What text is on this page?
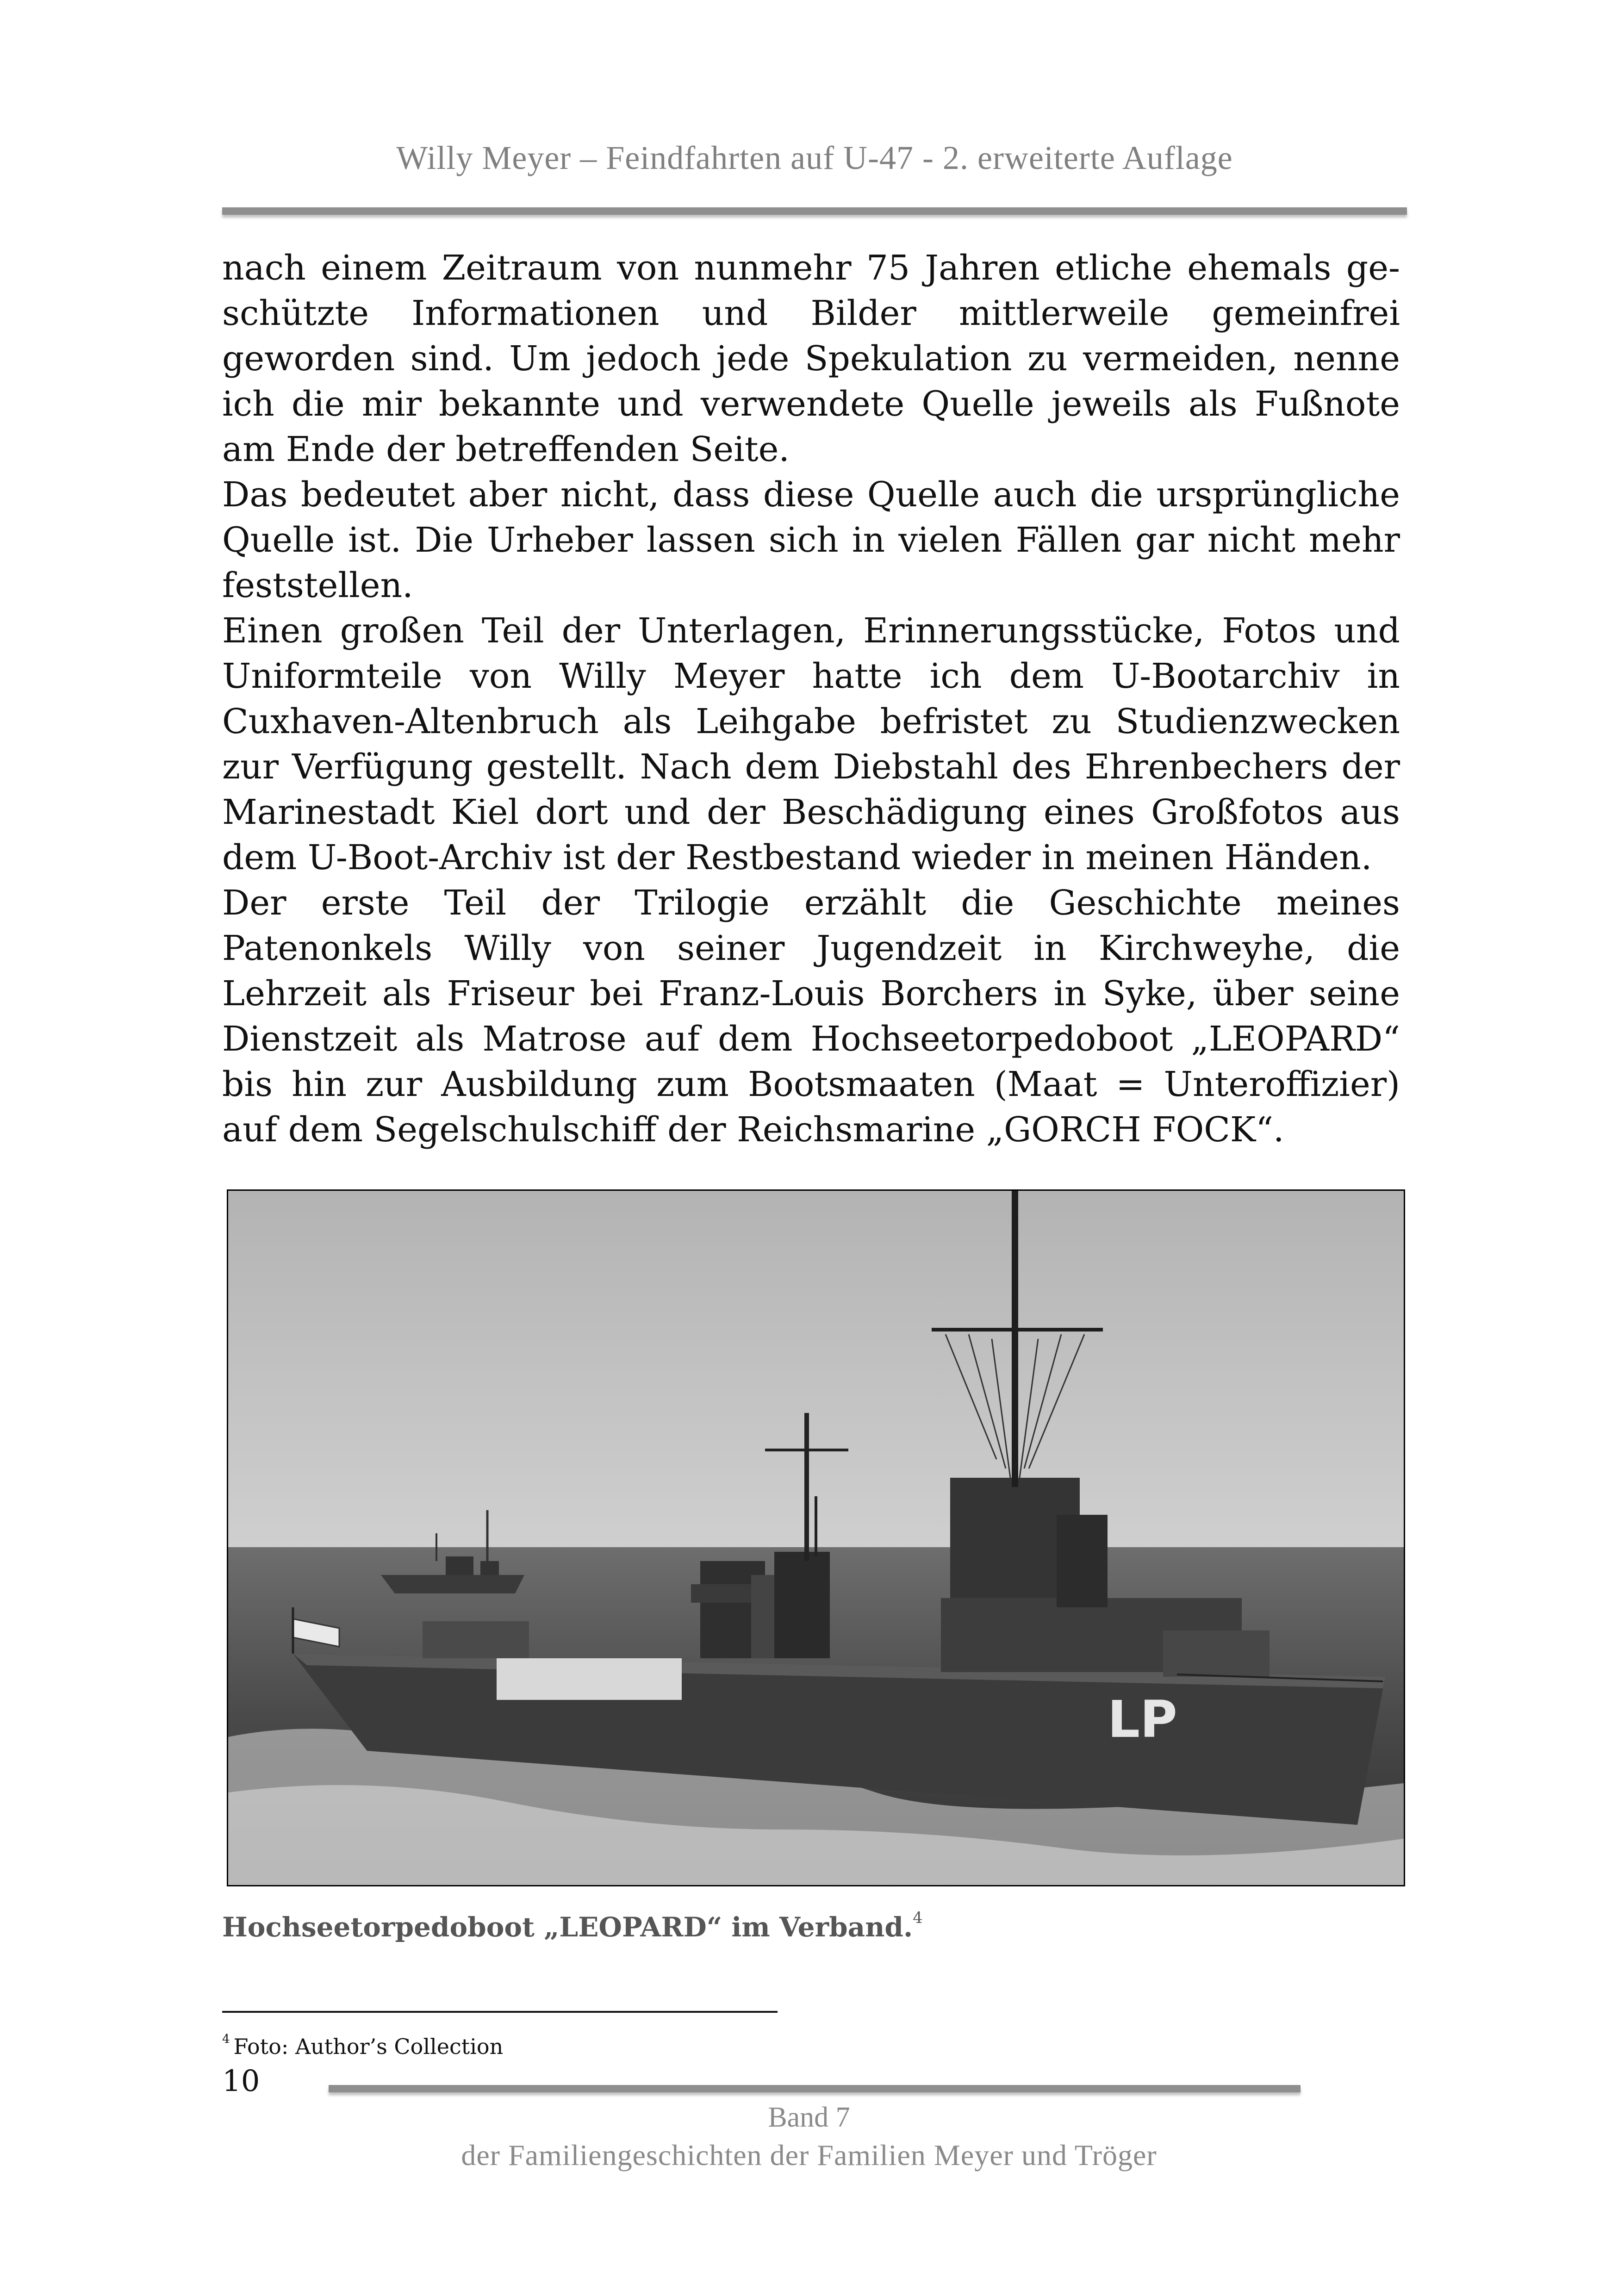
Willy Meyer – Feindfahrten auf U-47 - 2. erweiterte Auflage

nach einem Zeitraum von nunmehr 75 Jahren etliche ehemals geschützte Informationen und Bilder mittlerweile gemeinfrei geworden sind. Um jedoch jede Spekulation zu vermeiden, nenne ich die mir bekannte und verwendete Quelle jeweils als Fußnote am Ende der betreffenden Seite.

Das bedeutet aber nicht, dass diese Quelle auch die ursprüngliche Quelle ist. Die Urheber lassen sich in vielen Fällen gar nicht mehr feststellen.

Einen großen Teil der Unterlagen, Erinnerungsstücke, Fotos und Uniformteile von Willy Meyer hatte ich dem U-Bootarchiv in Cuxhaven-Altenbruch als Leihgabe befristet zu Studienzwecken zur Verfügung gestellt. Nach dem Diebstahl des Ehrenbechers der Marinestadt Kiel dort und der Beschädigung eines Großfotos aus dem U-Boot-Archiv ist der Restbestand wieder in meinen Händen.

Der erste Teil der Trilogie erzählt die Geschichte meines Patenonkels Willy von seiner Jugendzeit in Kirchweyhe, die Lehrzeit als Friseur bei Franz-Louis Borchers in Syke, über seine Dienstzeit als Matrose auf dem Hochseetorpedoboot „LEOPARD“ bis hin zur Ausbildung zum Bootsmaaten (Maat = Unteroffizier) auf dem Segelschulschiff der Reichsmarine „GORCH FOCK“.

LP
Hochseetorpedoboot „LEOPARD“ im Verband.$^4$
$^4$ Foto: Author’s Collection
10
Band 7
der Familiengeschichten der Familien Meyer und Tröger
